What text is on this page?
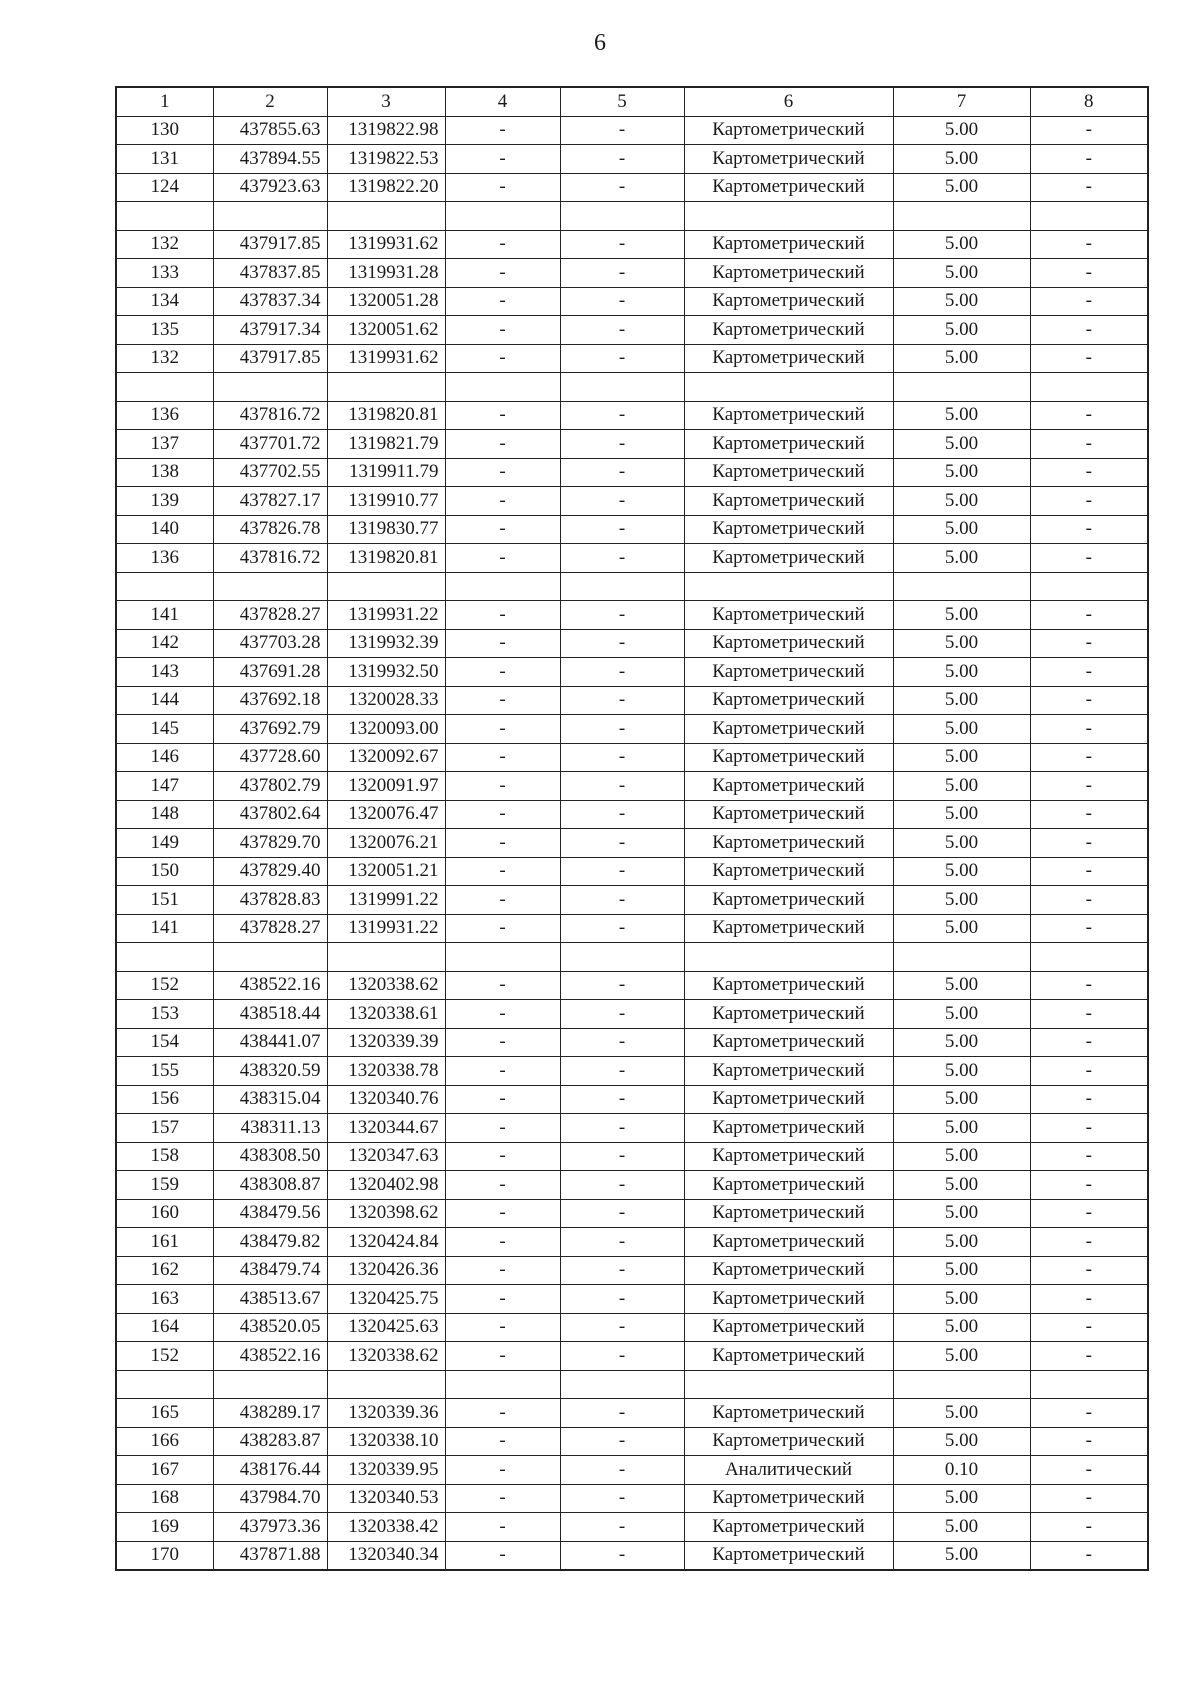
6
1	2	3	4	5	6	7	8
130	437855.63	1319822.98	-	-	Картометрический	5.00	-
131	437894.55	1319822.53	-	-	Картометрический	5.00	-
124	437923.63	1319822.20	-	-	Картометрический	5.00	-

132	437917.85	1319931.62	-	-	Картометрический	5.00	-
133	437837.85	1319931.28	-	-	Картометрический	5.00	-
134	437837.34	1320051.28	-	-	Картометрический	5.00	-
135	437917.34	1320051.62	-	-	Картометрический	5.00	-
132	437917.85	1319931.62	-	-	Картометрический	5.00	-

136	437816.72	1319820.81	-	-	Картометрический	5.00	-
137	437701.72	1319821.79	-	-	Картометрический	5.00	-
138	437702.55	1319911.79	-	-	Картометрический	5.00	-
139	437827.17	1319910.77	-	-	Картометрический	5.00	-
140	437826.78	1319830.77	-	-	Картометрический	5.00	-
136	437816.72	1319820.81	-	-	Картометрический	5.00	-

141	437828.27	1319931.22	-	-	Картометрический	5.00	-
142	437703.28	1319932.39	-	-	Картометрический	5.00	-
143	437691.28	1319932.50	-	-	Картометрический	5.00	-
144	437692.18	1320028.33	-	-	Картометрический	5.00	-
145	437692.79	1320093.00	-	-	Картометрический	5.00	-
146	437728.60	1320092.67	-	-	Картометрический	5.00	-
147	437802.79	1320091.97	-	-	Картометрический	5.00	-
148	437802.64	1320076.47	-	-	Картометрический	5.00	-
149	437829.70	1320076.21	-	-	Картометрический	5.00	-
150	437829.40	1320051.21	-	-	Картометрический	5.00	-
151	437828.83	1319991.22	-	-	Картометрический	5.00	-
141	437828.27	1319931.22	-	-	Картометрический	5.00	-

152	438522.16	1320338.62	-	-	Картометрический	5.00	-
153	438518.44	1320338.61	-	-	Картометрический	5.00	-
154	438441.07	1320339.39	-	-	Картометрический	5.00	-
155	438320.59	1320338.78	-	-	Картометрический	5.00	-
156	438315.04	1320340.76	-	-	Картометрический	5.00	-
157	438311.13	1320344.67	-	-	Картометрический	5.00	-
158	438308.50	1320347.63	-	-	Картометрический	5.00	-
159	438308.87	1320402.98	-	-	Картометрический	5.00	-
160	438479.56	1320398.62	-	-	Картометрический	5.00	-
161	438479.82	1320424.84	-	-	Картометрический	5.00	-
162	438479.74	1320426.36	-	-	Картометрический	5.00	-
163	438513.67	1320425.75	-	-	Картометрический	5.00	-
164	438520.05	1320425.63	-	-	Картометрический	5.00	-
152	438522.16	1320338.62	-	-	Картометрический	5.00	-

165	438289.17	1320339.36	-	-	Картометрический	5.00	-
166	438283.87	1320338.10	-	-	Картометрический	5.00	-
167	438176.44	1320339.95	-	-	Аналитический	0.10	-
168	437984.70	1320340.53	-	-	Картометрический	5.00	-
169	437973.36	1320338.42	-	-	Картометрический	5.00	-
170	437871.88	1320340.34	-	-	Картометрический	5.00	-
